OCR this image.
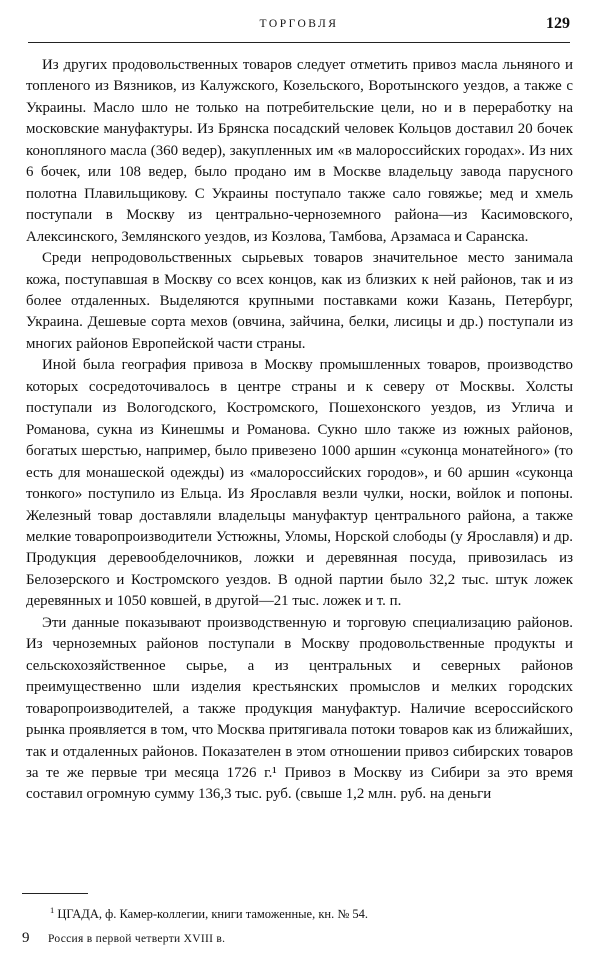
ТОРГОВЛЯ	129

Из других продовольственных товаров следует отметить привоз масла льняного и топленого из Вязников, из Калужского, Козельского, Воротынского уездов, а также с Украины. Масло шло не только на потребительские цели, но и в переработку на московские мануфактуры. Из Брянска посадский человек Кольцов доставил 20 бочек конопляного масла (360 ведер), закупленных им «в малороссийских городах». Из них 6 бочек, или 108 ведер, было продано им в Москве владельцу завода парусного полотна Плавильщикову. С Украины поступало также сало говяжье; мед и хмель поступали в Москву из центрально-черноземного района—из Касимовского, Алексинского, Землянского уездов, из Козлова, Тамбова, Арзамаса и Саранска.

Среди непродовольственных сырьевых товаров значительное место занимала кожа, поступавшая в Москву со всех концов, как из близких к ней районов, так и из более отдаленных. Выделяются крупными поставками кожи Казань, Петербург, Украина. Дешевые сорта мехов (овчина, зайчина, белки, лисицы и др.) поступали из многих районов Европейской части страны.

Иной была география привоза в Москву промышленных товаров, производство которых сосредоточивалось в центре страны и к северу от Москвы. Холсты поступали из Вологодского, Костромского, Пошехонского уездов, из Углича и Романова, сукна из Кинешмы и Романова. Сукно шло также из южных районов, богатых шерстью, например, было привезено 1000 аршин «суконца монатейного» (то есть для монашеской одежды) из «малороссийских городов», и 60 аршин «суконца тонкого» поступило из Ельца. Из Ярославля везли чулки, носки, войлок и попоны. Железный товар доставляли владельцы мануфактур центрального района, а также мелкие товаропроизводители Устюжны, Уломы, Норской слободы (у Ярославля) и др. Продукция деревообделочников, ложки и деревянная посуда, привозилась из Белозерского и Костромского уездов. В одной партии было 32,2 тыс. штук ложек деревянных и 1050 ковшей, в другой—21 тыс. ложек и т. п.

Эти данные показывают производственную и торговую специализацию районов. Из черноземных районов поступали в Москву продовольственные продукты и сельскохозяйственное сырье, а из центральных и северных районов преимущественно шли изделия крестьянских промыслов и мелких городских товаропроизводителей, а также продукция мануфактур. Наличие всероссийского рынка проявляется в том, что Москва притягивала потоки товаров как из ближайших, так и отдаленных районов. Показателен в этом отношении привоз сибирских товаров за те же первые три месяца 1726 г.¹ Привоз в Москву из Сибири за это время составил огромную сумму 136,3 тыс. руб. (свыше 1,2 млн. руб. на деньги

$^1$ ЦГАДА, ф. Камер-коллегии, книги таможенные, кн. № 54.
9 Россия в первой четверти XVIII в.
